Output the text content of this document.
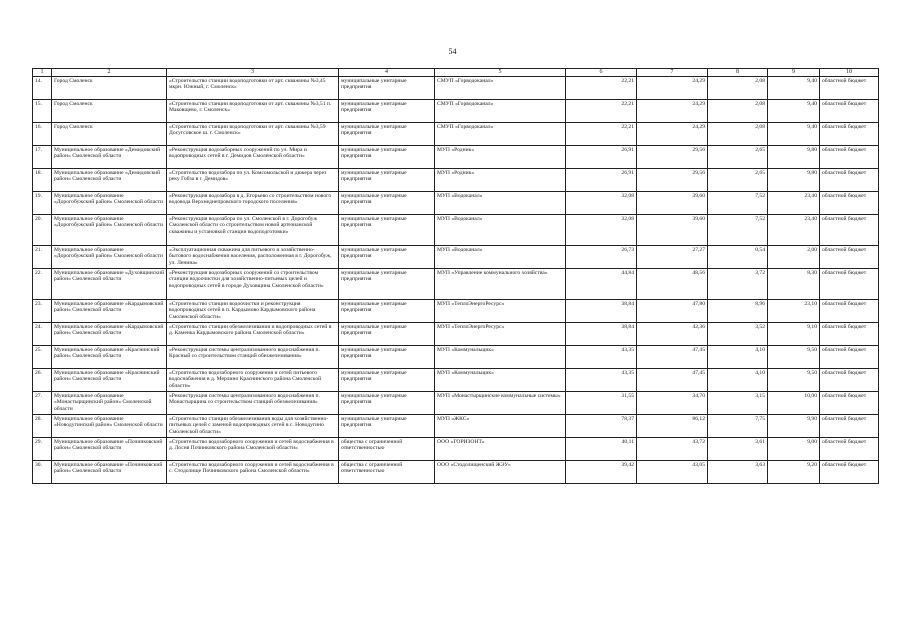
54
1	2	3	4	5	6	7	8	9	10
14.	Город Смоленск	«Строительство станции водоподготовки от арт. скважины №3,45 мкрн. Южный, г. Смоленск»	муниципальные унитарные предприятия	СМУП «Горводоканал»	22,21	24,29	2,08	9,40	областной бюджет
15.	Город Смоленск	«Строительство станции водоподготовки от арт. скважины №3,51 п. Маковщево, г. Смоленск»	муниципальные унитарные предприятия	СМУП «Горводоканал»	22,21	24,29	2,08	9,40	областной бюджет
16.	Город Смоленск	«Строительство станции водоподготовки от арт. скважины №3,59 Досугсовское ш. г. Смоленск»	муниципальные унитарные предприятия	СМУП «Горводоканал»	22,21	24,29	2,08	9,40	областной бюджет
17.	Муниципальное образование «Демидовский район» Смоленской области	«Реконструкция водозаборных сооружений по ул. Мира и водопроводных сетей в г. Демидов Смоленской области»	муниципальные унитарные предприятия	МУП «Родник»	26,91	29,56	2,65	9,80	областной бюджет
18.	Муниципальное образование «Демидовский район» Смоленской области	«Строительство водозабора по ул. Комсомольской и дюкера через реку Гобза в г. Демидов»	муниципальные унитарные предприятия	МУП «Родник»	26,91	29,56	2,65	9,80	областной бюджет
19.	Муниципальное образование «Дорогобужский район» Смоленской области	«Реконструкция водозабора в д. Егорьево со строительством нового водовода Верхнеднепровского городского поселения»	муниципальные унитарные предприятия	МУП «Водоканал»	32,08	39,60	7,52	23,40	областной бюджет
20.	Муниципальное образование «Дорогобужский район» Смоленской области	«Реконструкция водозабора по ул. Смоленской в г. Дорогобуж Смоленской области со строительством новой артезианской скважины и установкой станции водоподготовки»	муниципальные унитарные предприятия	МУП «Водоканал»	32,08	39,60	7,52	23,40	областной бюджет
21.	Муниципальное образование «Дорогобужский район» Смоленской области	«Эксплуатационная скважина для питьевого и хозяйственно-бытового водоснабжения населения, расположенная в г. Дорогобуж, ул. Ленина»	муниципальные унитарные предприятия	МУП «Водоканал»	26,73	27,27	0,54	2,00	областной бюджет
22.	Муниципальное образование «Духовщинский район» Смоленской области	«Реконструкция водозаборных сооружений со строительством станции водоочистки для хозяйственно-питьевых целей и водопроводных сетей в городе Духовщина Смоленской области»	муниципальные унитарные предприятия	МУП «Управление коммунального хозяйства»	44,84	48,56	3,72	8,30	областной бюджет
23.	Муниципальное образование «Кардымовский район» Смоленской области	«Строительство станции водоочистки и реконструкция водопроводных сетей в п. Кардымово Кардымовского района Смоленской области»	муниципальные унитарные предприятия	МУП «ТеплоЭнергоРесурс»	38,84	47,80	8,96	23,10	областной бюджет
24.	Муниципальное образование «Кардымовский район» Смоленской области	«Строительство станции обезжелезивания и водопроводных сетей в д. Каменка Кардымовского района Смоленской области»	муниципальные унитарные предприятия	МУП «ТеплоЭнергоРесурс»	38,84	42,36	3,52	9,10	областной бюджет
25.	Муниципальное образование «Краснинский район» Смоленской области	«Реконструкция системы централизованного водоснабжения п. Красный со строительством станций обезжелезивания»	муниципальные унитарные предприятия	МУП «Коммунальщик»	43,35	47,45	4,10	9,50	областной бюджет
26.	Муниципальное образование «Краснинский район» Смоленской области	«Строительство водозаборного сооружения и сетей питьевого водоснабжения в д. Мерлино Краснинского района Смоленской области»	муниципальные унитарные предприятия	МУП «Коммунальщик»	43,35	47,45	4,10	9,50	областной бюджет
27.	Муниципальное образование «Монастырщинский район» Смоленской области	«Реконструкция системы централизованного водоснабжения п. Монастырщина со строительством станций обезжелезивания»	муниципальные унитарные предприятия	МУП «Монастырщинские коммунальные системы»	31,55	34,70	3,15	10,00	областной бюджет
28.	Муниципальное образование «Новодугинский район» Смоленской области	«Строительство станции обезжелезивания воды для хозяйственно-питьевых целей с заменой водопроводных сетей в с. Новодугино Смоленской области»	муниципальные унитарные предприятия	МУП «ЖКС»	78,37	86,12	7,75	9,90	областной бюджет
29.	Муниципальное образование «Починковский район» Смоленской области	«Строительство водозаборного сооружения и сетей водоснабжения в д. Лосня Починковского района Смоленской области»	общества с ограниченной ответственностью	ООО «ГОРИЗОНТ»	40,11	43,72	3,61	9,00	областной бюджет
30.	Муниципальное образование «Починковский район» Смоленской области	«Строительство водозаборного сооружения и сетей водоснабжения в с. Стодолище Починковского района Смоленской области»	общества с ограниченной ответственностью	ООО «Стодолищенский ЖЭУ»	39,42	43,05	3,63	9,20	областной бюджет
